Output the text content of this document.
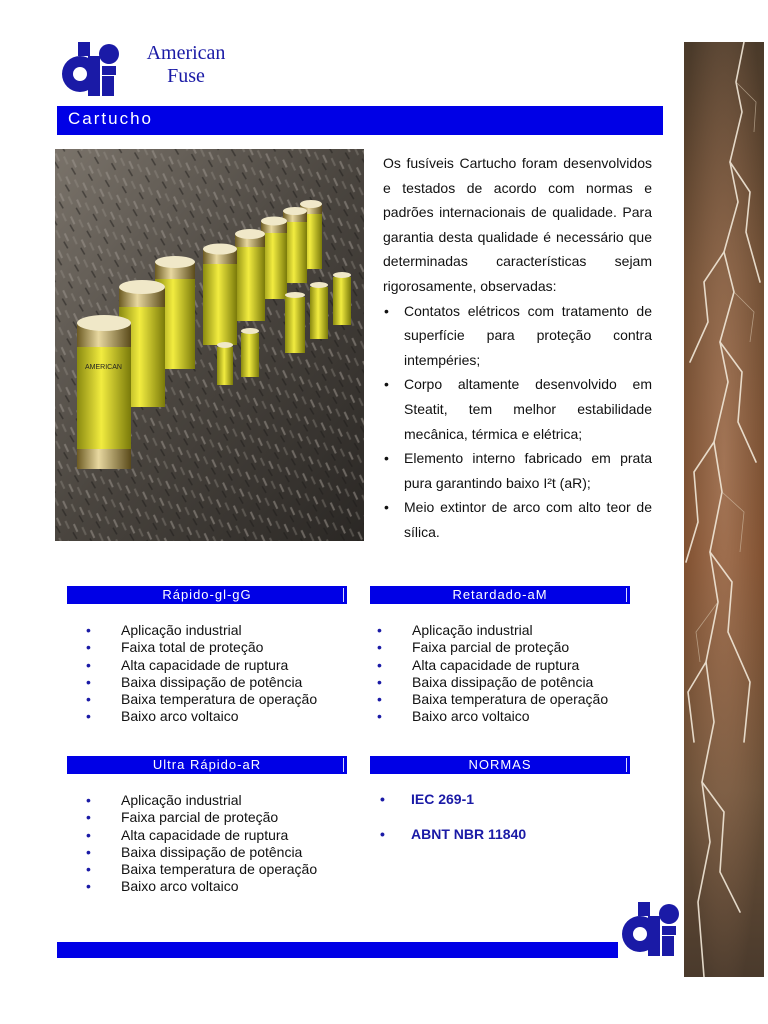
American
Fuse
Cartucho
AMERICAN

Os fusíveis Cartucho foram desenvolvidos e testados de acordo com normas e padrões internacionais de qualidade. Para garantia desta qualidade é necessário que determinadas características sejam rigorosamente, observadas:

• Contatos elétricos com tratamento de superfície para proteção contra intempéries;
• Corpo altamente desenvolvido em Steatit, tem melhor estabilidade mecânica, térmica e elétrica;
• Elemento interno fabricado em prata pura garantindo baixo I²t (aR);
• Meio extintor de arco com alto teor de sílica.
Rápido-gl-gG
• Aplicação industrial
• Faixa total de proteção
• Alta capacidade de ruptura
• Baixa dissipação de potência
• Baixa temperatura de operação
• Baixo arco voltaico
Retardado-aM
• Aplicação industrial
• Faixa parcial de proteção
• Alta capacidade de ruptura
• Baixa dissipação de potência
• Baixa temperatura de operação
• Baixo arco voltaico
Ultra Rápido-aR
• Aplicação industrial
• Faixa parcial de proteção
• Alta capacidade de ruptura
• Baixa dissipação de potência
• Baixa temperatura de operação
• Baixo arco voltaico
NORMAS
• IEC 269-1
• ABNT NBR 11840
